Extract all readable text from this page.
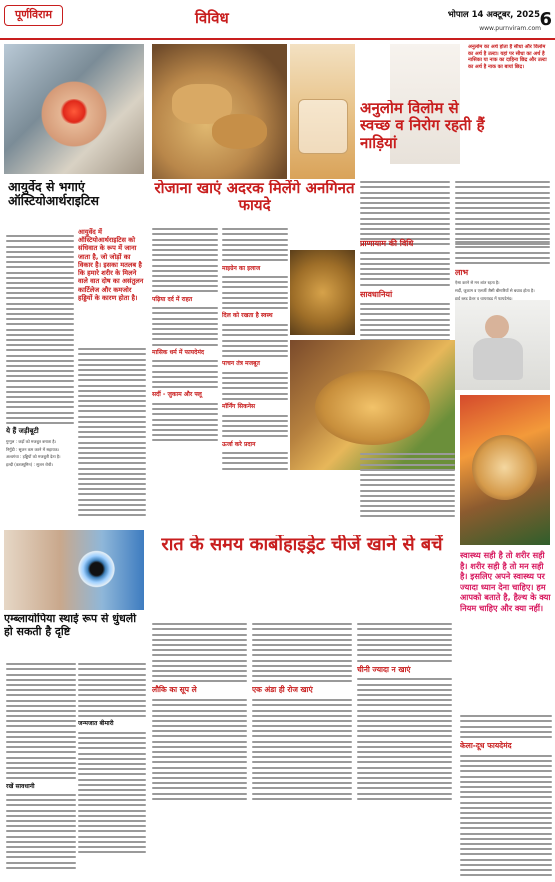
पूर्णविराम	विविध	भोपाल 14 अक्टूबर, 2025
www.purnviram.com
6
आयुर्वेद से भगाएं ऑस्टियोआर्थराइटिस
ये हैं जड़ीबूटी
गुग्गुल : जड़ों को मजबूत बनाता है।
निर्गुंडी : सूजन कम करने में सहायक।
अश्वगंधा : हड्डियों को मजबूती देता है।
हल्दी (करक्यूमिन) : सूजन रोधी।
आयुर्वेद में ऑस्टियोआर्थराइटिस को संधिवात के रूप में जाना जाता है, जो जोड़ों का विकार है। इसका मतलब है कि हमारे शरीर के मिलने वाले वात दोष का असंतुलन कार्टिलेज और कमजोर हड्डियों के कारण होता है।
रोजाना खाएं अदरक मिलेंगे अनगिनत फायदे
पढ़िया दर्द में राहत
मासिक धर्म में फायदेमंद
सर्दी - जुकाम और फ्लू
माइग्रेन का इलाज
दिल को रखता है स्वस्थ
पाचन तंत्र मजबूत
मॉर्निंग सिकनेस
ऊर्जा करे प्रदान
अनुलोम विलोम से स्वच्छ व निरोग रहती हैं नाड़ियां
अनुलोम का अर्थ होता है सीधा और विलोम का अर्थ है उल्टा। यहां पर सीधा का अर्थ है नासिका या नाक का दाहिना छिद्र और उल्टा का अर्थ है नाक का बायां छिद्र।
प्राणायाम की विधि
सावधानियां
लाभ
ऐसा करने से मन शांत रहता है।
सर्दी, जुकाम व एलर्जी जैसी बीमारियों से बचाव होता है।
हाई ब्लड प्रेशर व थायराइड में फायदेमंद।
एम्ब्लायोपिया स्थाई रूप से धुंधली हो सकती है दृष्टि
रखें सावधानी
जन्मजात बीमारी
रात के समय कार्बोहाइड्रेट चीजें खाने से बचें
लौकि का सूप ले	एक अंडा ही रोज खाएं
चीनी ज्यादा न खाएं
स्वास्थ्य सही है तो शरीर सही है। शरीर सही है तो मन सही है। इसलिए अपने स्वास्थ्य पर ज्यादा ध्यान देना चाहिए। हम आपको बताते है, हैल्थ के क्या नियम चाहिए और क्या नहीं।
केला-दूध फायदेमंद
